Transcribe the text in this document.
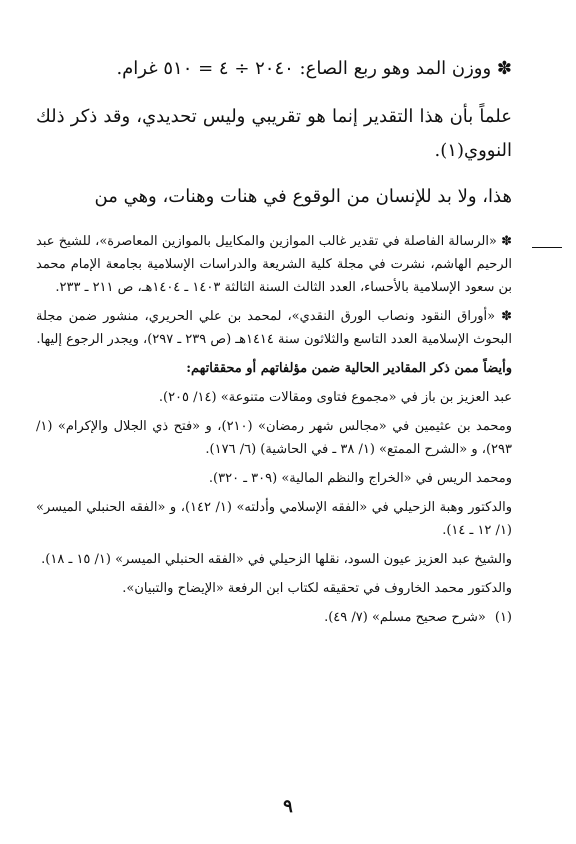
✽ ووزن المد وهو ربع الصاع: ٢٠٤٠ ÷ ٤ = ٥١٠ غرام.

علماً بأن هذا التقدير إنما هو تقريبي وليس تحديدي، وقد ذكر ذلك النووي(١).

هذا، ولا بد للإنسان من الوقوع في هنات وهنات، وهي من

✽ «الرسالة الفاصلة في تقدير غالب الموازين والمكاييل بالموازين المعاصرة»، للشيخ عبد الرحيم الهاشم، نشرت في مجلة كلية الشريعة والدراسات الإسلامية بجامعة الإمام محمد بن سعود الإسلامية بالأحساء، العدد الثالث السنة الثالثة ١٤٠٣ ـ ١٤٠٤هـ، ص ٢١١ ـ ٢٣٣.

✽ «أوراق النقود ونصاب الورق النقدي»، لمحمد بن علي الحريري، منشور ضمن مجلة البحوث الإسلامية العدد التاسع والثلاثون سنة ١٤١٤هـ (ص ٢٣٩ ـ ٢٩٧)، ويجدر الرجوع إليها.

وأيضاً ممن ذكر المقادير الحالية ضمن مؤلفاتهم أو محققاتهم:

عبد العزيز بن باز في «مجموع فتاوى ومقالات متنوعة» (١٤/ ٢٠٥).

ومحمد بن عثيمين في «مجالس شهر رمضان» (٢١٠)، و «فتح ذي الجلال والإكرام» (١/ ٢٩٣)، و «الشرح الممتع» (١/ ٣٨ ـ في الحاشية) (٦/ ١٧٦).

ومحمد الريس في «الخراج والنظم المالية» (٣٠٩ ـ ٣٢٠).

والدكتور وهبة الزحيلي في «الفقه الإسلامي وأدلته» (١/ ١٤٢)، و «الفقه الحنبلي الميسر» (١/ ١٢ ـ ١٤).

والشيخ عبد العزيز عيون السود، نقلها الزحيلي في «الفقه الحنبلي الميسر» (١/ ١٥ ـ ١٨).

والدكتور محمد الخاروف في تحقيقه لكتاب ابن الرفعة «الإيضاح والتبيان».

(١) «شرح صحيح مسلم» (٧/ ٤٩).

٩
